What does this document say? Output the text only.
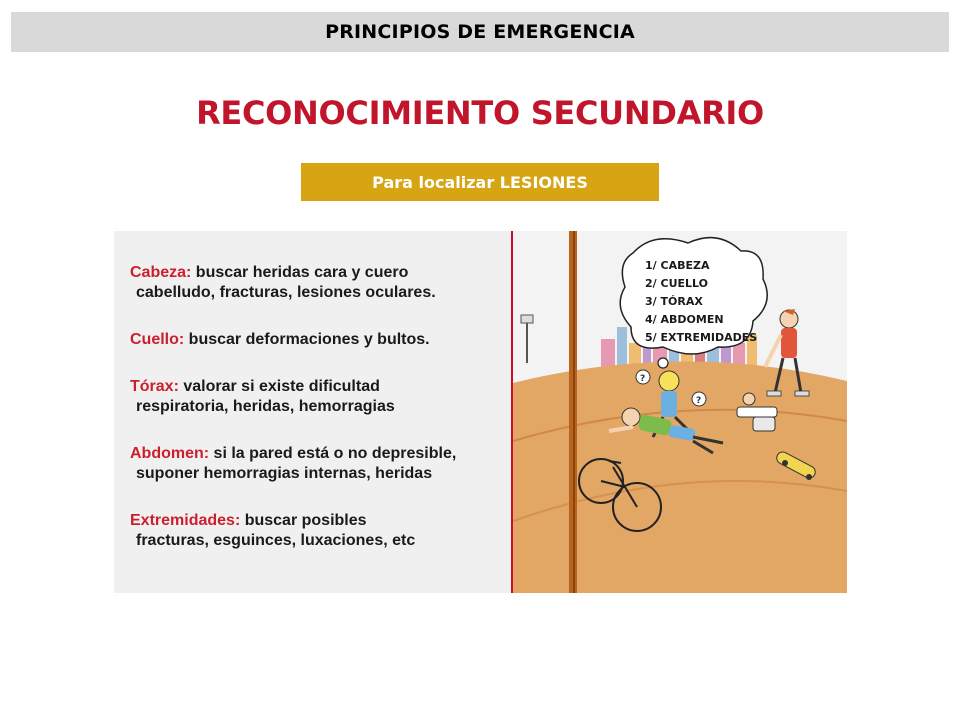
PRINCIPIOS DE EMERGENCIA
RECONOCIMIENTO SECUNDARIO
Para localizar LESIONES
Cabeza: buscar heridas cara y cuero
cabelludo, fracturas, lesiones oculares.
Cuello: buscar deformaciones y bultos.
Tórax: valorar si existe dificultad
respiratoria, heridas, hemorragias
Abdomen: si la pared está o no depresible,
suponer hemorragias internas, heridas
Extremidades: buscar posibles
fracturas, esguinces, luxaciones, etc
1/ CABEZA
2/ CUELLO
3/ TÓRAX
4/ ABDOMEN
5/ EXTREMIDADES
?
?
